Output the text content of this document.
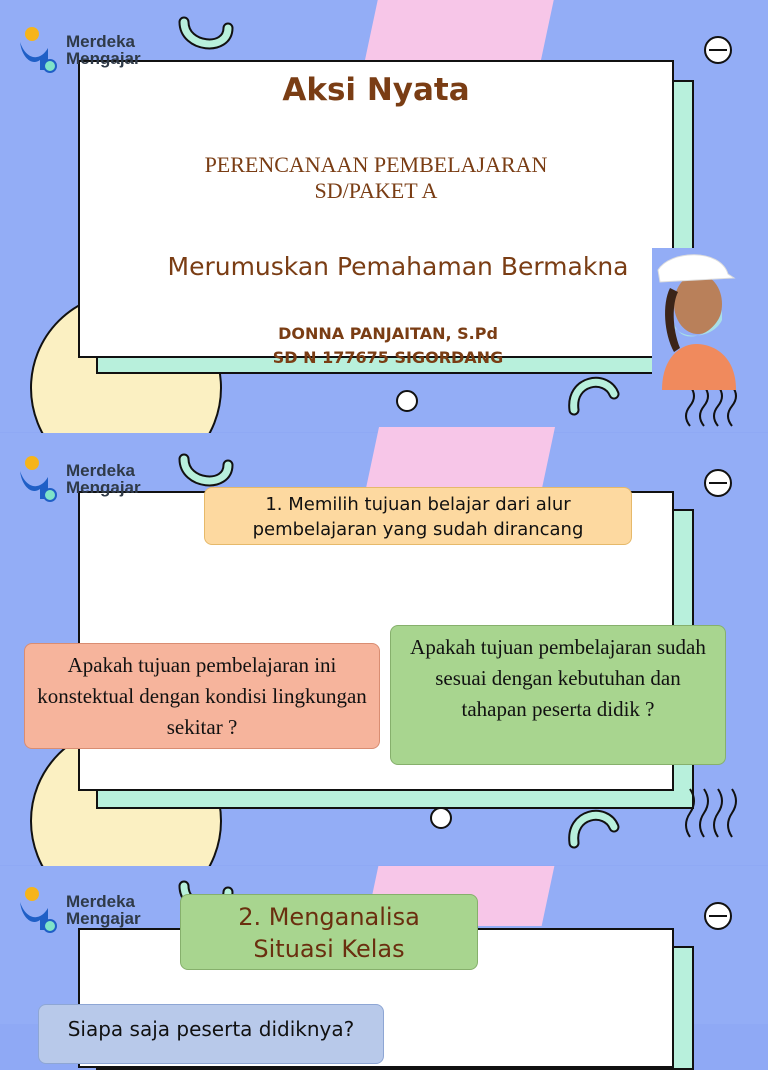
Merdeka
Mengajar
Aksi Nyata
PERENCANAAN PEMBELAJARAN
SD/PAKET A
Merumuskan Pemahaman Bermakna
DONNA PANJAITAN, S.Pd
SD N 177675 SIGORDANG
Merdeka
Mengajar
1. Memilih tujuan belajar dari alur pembelajaran yang sudah dirancang
Apakah tujuan pembelajaran ini konstektual dengan kondisi lingkungan sekitar ?
Apakah tujuan pembelajaran sudah sesuai dengan kebutuhan dan tahapan peserta didik ?
Merdeka
Mengajar	2. Menganalisa Situasi Kelas
Siapa saja peserta didiknya?
